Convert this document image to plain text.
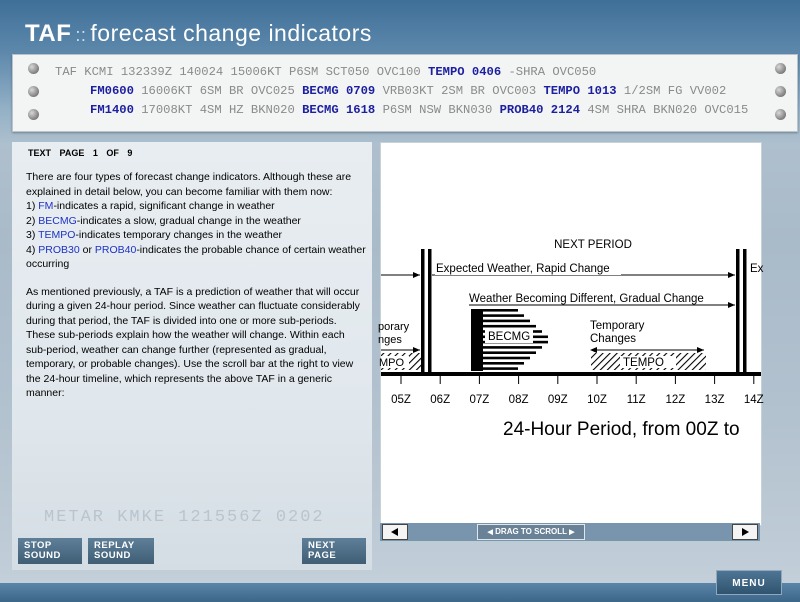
TAF :: forecast change indicators
TAF KCMI 132339Z 140024 15006KT P6SM SCT050 OVC100 TEMPO 0406 -SHRA OVC050
FM0600 16006KT 6SM BR OVC025 BECMG 0709 VRB03KT 2SM BR OVC003 TEMPO 1013 1/2SM FG VV002
FM1400 17008KT 4SM HZ BKN020 BECMG 1618 P6SM NSW BKN030 PROB40 2124 4SM SHRA BKN020 OVC015
TEXT PAGE 1 OF 9

There are four types of forecast change indicators. Although these are explained in detail below, you can become familiar with them now:
1) FM-indicates a rapid, significant change in weather
2) BECMG-indicates a slow, gradual change in the weather
3) TEMPO-indicates temporary changes in the weather
4) PROB30 or PROB40-indicates the probable chance of certain weather occurring

As mentioned previously, a TAF is a prediction of weather that will occur during a given 24-hour period. Since weather can fluctuate considerably during that period, the TAF is divided into one or more sub-periods. These sub-periods explain how the weather will change. Within each sub-period, weather can change further (represented as gradual, temporary, or probable changes). Use the scroll bar at the right to view the 24-hour timeline, which represents the above TAF in a generic manner:

STOP
SOUND
REPLAY
SOUND
NEXT
PAGE
METAR KMKE 121556Z 0202
NEXT PERIOD
Expected Weather, Rapid Change	Ex
Weather Becoming Different, Gradual Change
BECMG
porary
nges
MPO
Temporary
Changes
TEMPO
05Z 06Z 07Z 08Z 09Z 10Z 11Z 12Z 13Z 14Z
24-Hour Period, from 00Z to
◀ DRAG TO SCROLL ▶
MENU
